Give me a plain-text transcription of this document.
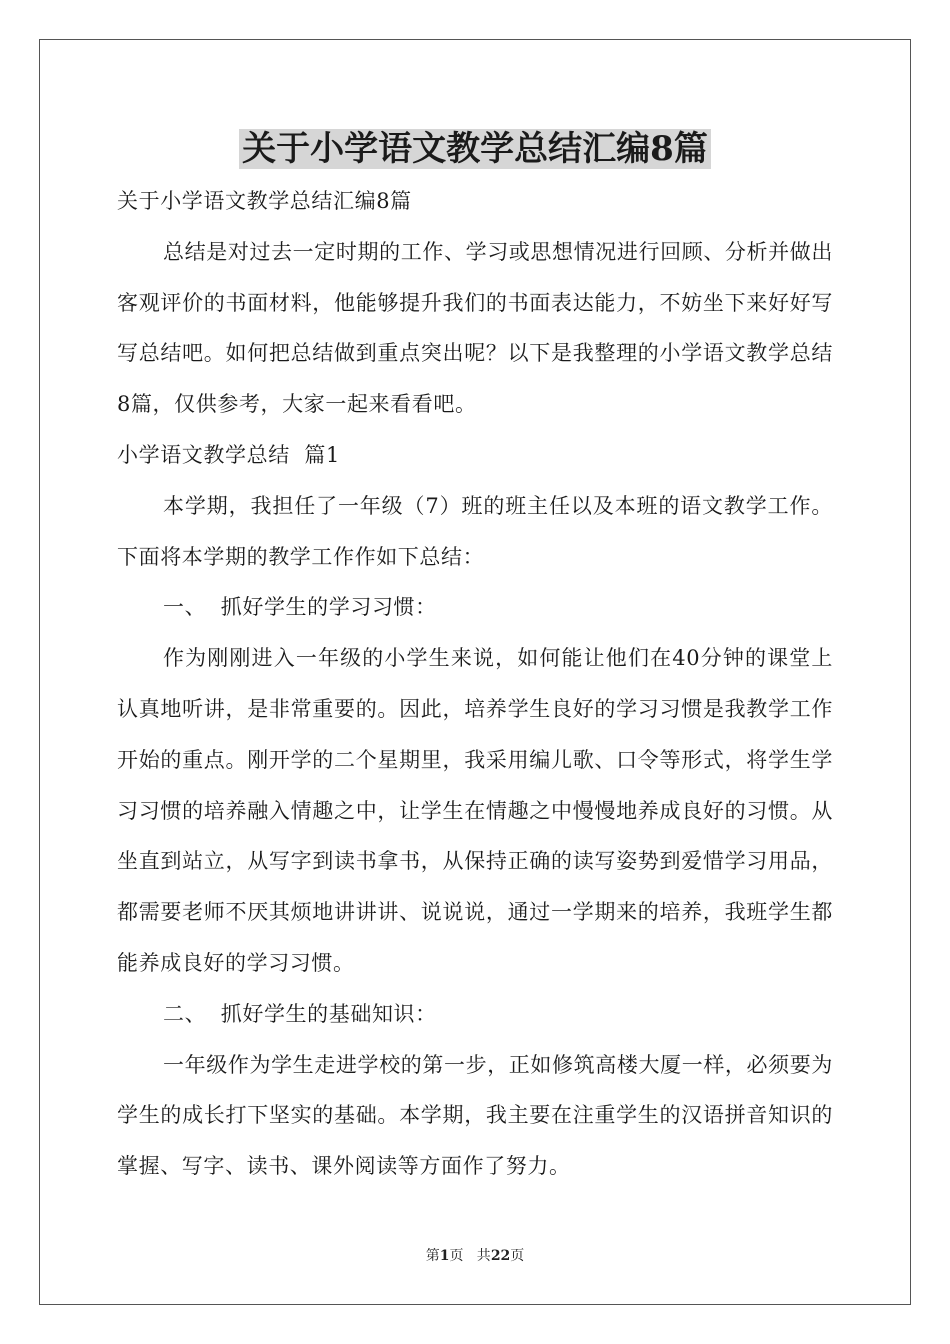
关于小学语文教学总结汇编8篇

关于小学语文教学总结汇编8篇

总结是对过去一定时期的工作、学习或思想情况进行回顾、分析并做出客观评价的书面材料，他能够提升我们的书面表达能力，不妨坐下来好好写写总结吧。如何把总结做到重点突出呢？以下是我整理的小学语文教学总结8篇，仅供参考，大家一起来看看吧。

小学语文教学总结  篇1

本学期，我担任了一年级（7）班的班主任以及本班的语文教学工作。下面将本学期的教学工作作如下总结：

一、  抓好学生的学习习惯：

作为刚刚进入一年级的小学生来说，如何能让他们在40分钟的课堂上认真地听讲，是非常重要的。因此，培养学生良好的学习习惯是我教学工作开始的重点。刚开学的二个星期里，我采用编儿歌、口令等形式，将学生学习习惯的培养融入情趣之中，让学生在情趣之中慢慢地养成良好的习惯。从坐直到站立，从写字到读书拿书，从保持正确的读写姿势到爱惜学习用品，都需要老师不厌其烦地讲讲讲、说说说，通过一学期来的培养，我班学生都能养成良好的学习习惯。

二、  抓好学生的基础知识：

一年级作为学生走进学校的第一步，正如修筑高楼大厦一样，必须要为学生的成长打下坚实的基础。本学期，我主要在注重学生的汉语拼音知识的掌握、写字、读书、课外阅读等方面作了努力。

第1页   共22页
